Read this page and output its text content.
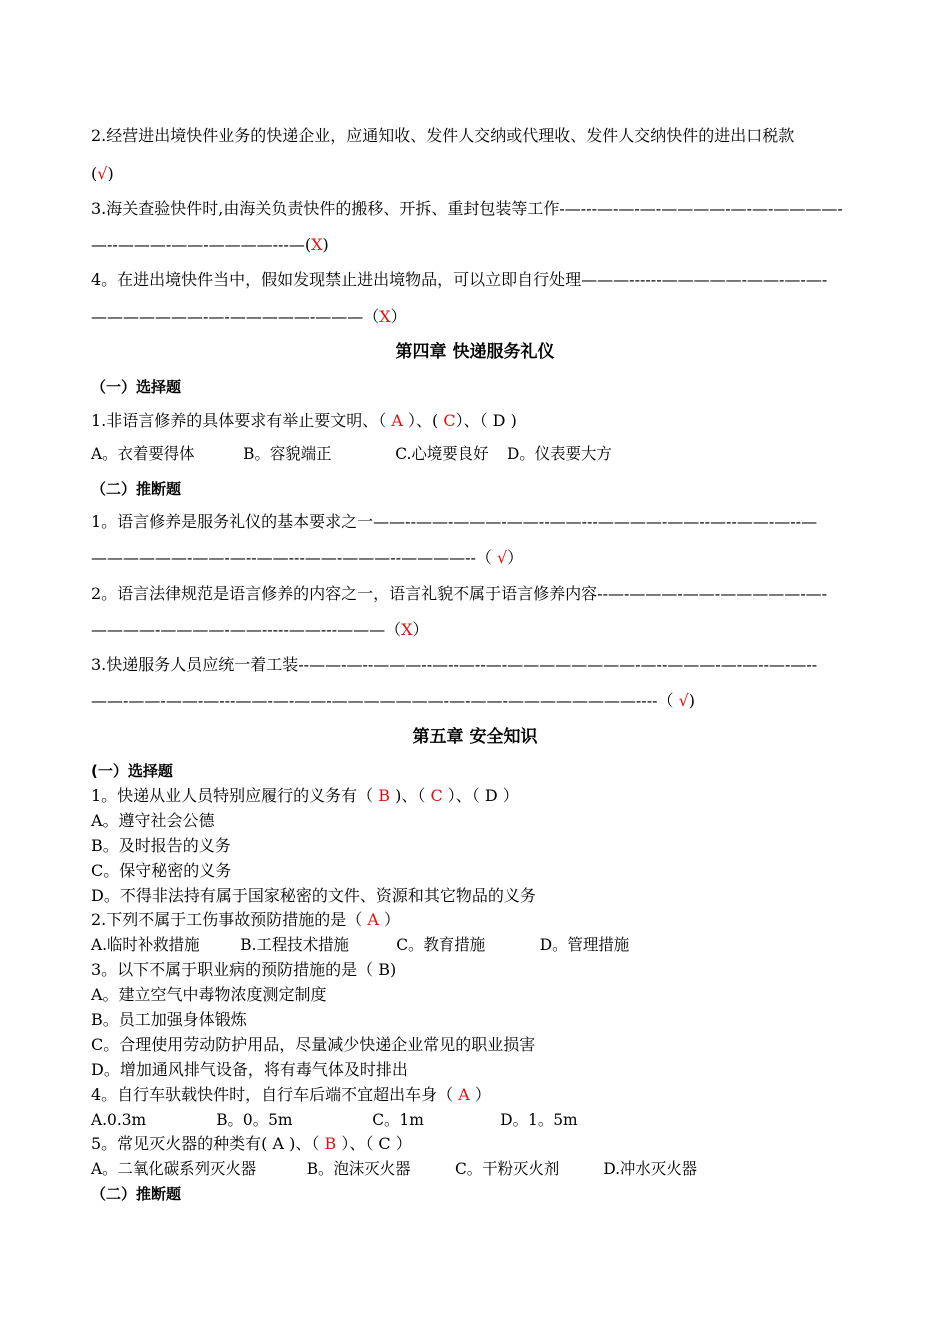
2.经营进出境快件业务的快递企业，应通知收、发件人交纳或代理收、发件人交纳快件的进出口税款
(√)
3.海关查验快件时,由海关负责快件的搬移、开拆、重封包装等工作-—---—-—-—-————-—-—-————-
—--———-——-————---—(X)
4。在进出境快件当中，假如发现禁止进出境物品，可以立即自行处理———------—————-——-—-—-
———————-—-—————-———（X）
第四章 快递服务礼仪
（一）选择题
1.非语言修养的具体要求有举止要文明、（ A ）、( C）、（ D )
A。衣着要得体	B。容貌端正	C.心境要良好 D。仪表要大方
（二）推断题
1。语言修养是服务礼仪的基本要求之一——--——-———-——--——---————-——--—--——-—--—
——————-——-—--——---——-———--————--（ √）
2。语言法律规范是语言修养的内容之一，语言礼貌不属于语言修养内容--—-———-——-—————-—-
————-————-——-----——---———（X）
3.快递服务人员应统一着工装--——-—--———--—--—--—-————————-—--———-—-—--—-—--
——-——-——-—---——-—-——-———————-—-——-————————----（ √)
第五章 安全知识
(一）选择题
1。快递从业人员特别应履行的义务有（ B )、（ C ）、（ D ）
A。遵守社会公德
B。及时报告的义务
C。保守秘密的义务
D。不得非法持有属于国家秘密的文件、资源和其它物品的义务
2.下列不属于工伤事故预防措施的是（ A ）
A.临时补救措施	B.工程技术措施	C。教育措施	D。管理措施
3。以下不属于职业病的预防措施的是（ B)
A。建立空气中毒物浓度测定制度
B。员工加强身体锻炼
C。合理使用劳动防护用品，尽量减少快递企业常见的职业损害
D。增加通风排气设备，将有毒气体及时排出
4。自行车驮载快件时，自行车后端不宜超出车身（ A ）
A.0.3m	B。0。5m	C。1m	D。1。5m
5。常见灭火器的种类有( A )、（ B ）、（ C ）
A。二氧化碳系列灭火器	B。泡沫灭火器	C。干粉灭火剂	D.冲水灭火器
（二）推断题
